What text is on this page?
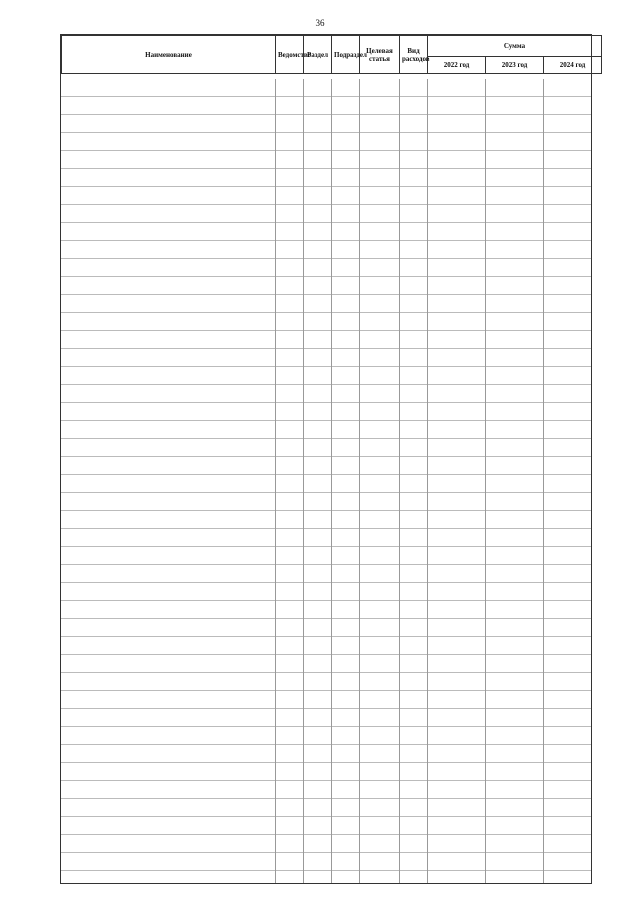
36
Наименование	Ведомство	Раздел	Подраздел	Целевая статья	Вид расходов	Сумма		
						2022 год	2023 год	2024 год
